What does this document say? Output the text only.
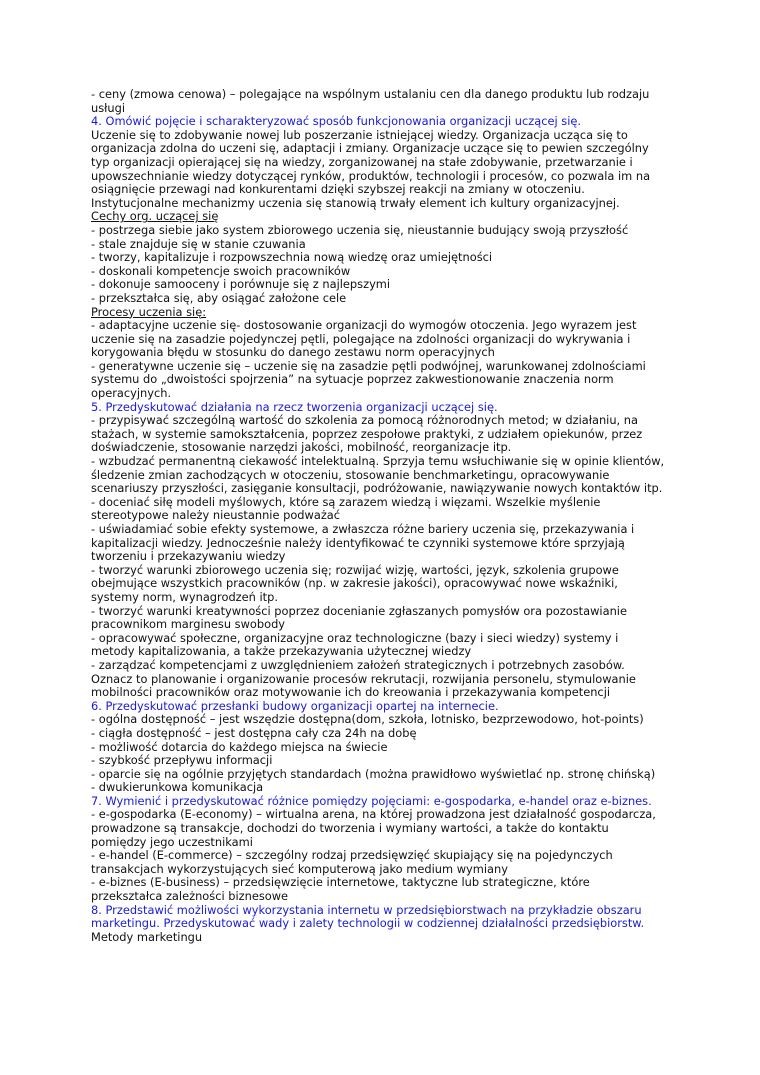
- ceny (zmowa cenowa) – polegające na wspólnym ustalaniu cen dla danego produktu lub rodzaju
usługi
4. Omówić pojęcie i scharakteryzować sposób funkcjonowania organizacji uczącej się.
Uczenie się to zdobywanie nowej lub poszerzanie istniejącej wiedzy. Organizacja ucząca się to
organizacja zdolna do uczeni się, adaptacji i zmiany. Organizacje uczące się to pewien szczególny
typ organizacji opierającej się na wiedzy, zorganizowanej na stałe zdobywanie, przetwarzanie i
upowszechnianie wiedzy dotyczącej rynków, produktów, technologii i procesów, co pozwala im na
osiągnięcie przewagi nad konkurentami dzięki szybszej reakcji na zmiany w otoczeniu.
Instytucjonalne mechanizmy uczenia się stanowią trwały element ich kultury organizacyjnej.
Cechy org. uczącej się
- postrzega siebie jako system zbiorowego uczenia się, nieustannie budujący swoją przyszłość
- stale znajduje się w stanie czuwania
- tworzy, kapitalizuje i rozpowszechnia nową wiedzę oraz umiejętności
- doskonali kompetencje swoich pracowników
- dokonuje samooceny i porównuje się z najlepszymi
- przekształca się, aby osiągać założone cele
Procesy uczenia się:
- adaptacyjne uczenie się- dostosowanie organizacji do wymogów otoczenia. Jego wyrazem jest
uczenie się na zasadzie pojedynczej pętli, polegające na zdolności organizacji do wykrywania i
korygowania błędu w stosunku do danego zestawu norm operacyjnych
- generatywne uczenie się – uczenie się na zasadzie pętli podwójnej, warunkowanej zdolnościami
systemu do „dwoistości spojrzenia” na sytuacje poprzez zakwestionowanie znaczenia norm
operacyjnych.
5. Przedyskutować działania na rzecz tworzenia organizacji uczącej się.
- przypisywać szczególną wartość do szkolenia za pomocą różnorodnych metod; w działaniu, na
stażach, w systemie samokształcenia, poprzez zespołowe praktyki, z udziałem opiekunów, przez
doświadczenie, stosowanie narzędzi jakości, mobilność, reorganizacje itp.
- wzbudzać permanentną ciekawość intelektualną. Sprzyja temu wsłuchiwanie się w opinie klientów,
śledzenie zmian zachodzących w otoczeniu, stosowanie benchmarketingu, opracowywanie
scenariuszy przyszłości, zasięganie konsultacji, podróżowanie, nawiązywanie nowych kontaktów itp.
- doceniać siłę modeli myślowych, które są zarazem wiedzą i więzami. Wszelkie myślenie
stereotypowe należy nieustannie podważać
- uświadamiać sobie efekty systemowe, a zwłaszcza różne bariery uczenia się, przekazywania i
kapitalizacji wiedzy. Jednocześnie należy identyfikować te czynniki systemowe które sprzyjają
tworzeniu i przekazywaniu wiedzy
- tworzyć warunki zbiorowego uczenia się; rozwijać wizję, wartości, język, szkolenia grupowe
obejmujące wszystkich pracowników (np. w zakresie jakości), opracowywać nowe wskaźniki,
systemy norm, wynagrodzeń itp.
- tworzyć warunki kreatywności poprzez docenianie zgłaszanych pomysłów ora pozostawianie
pracownikom marginesu swobody
- opracowywać społeczne, organizacyjne oraz technologiczne (bazy i sieci wiedzy) systemy i
metody kapitalizowania, a także przekazywania użytecznej wiedzy
- zarządzać kompetencjami z uwzględnieniem założeń strategicznych i potrzebnych zasobów.
Oznacz to planowanie i organizowanie procesów rekrutacji, rozwijania personelu, stymulowanie
mobilności pracowników oraz motywowanie ich do kreowania i przekazywania kompetencji
6. Przedyskutować przesłanki budowy organizacji opartej na internecie.
- ogólna dostępność – jest wszędzie dostępna(dom, szkoła, lotnisko, bezprzewodowo, hot-points)
- ciągła dostępność – jest dostępna cały cza 24h na dobę
- możliwość dotarcia do każdego miejsca na świecie
- szybkość przepływu informacji
- oparcie się na ogólnie przyjętych standardach (można prawidłowo wyświetlać np. stronę chińską)
- dwukierunkowa komunikacja
7. Wymienić i przedyskutować różnice pomiędzy pojęciami: e-gospodarka, e-handel oraz e-biznes.
- e-gospodarka (E-economy) – wirtualna arena, na której prowadzona jest działalność gospodarcza,
prowadzone są transakcje, dochodzi do tworzenia i wymiany wartości, a także do kontaktu
pomiędzy jego uczestnikami
- e-handel (E-commerce) – szczególny rodzaj przedsięwzięć skupiający się na pojedynczych
transakcjach wykorzystujących sieć komputerową jako medium wymiany
- e-biznes (E-business) – przedsięwzięcie internetowe, taktyczne lub strategiczne, które
przekształca zależności biznesowe
8. Przedstawić możliwości wykorzystania internetu w przedsiębiorstwach na przykładzie obszaru
marketingu. Przedyskutować wady i zalety technologii w codziennej działalności przedsiębiorstw.
Metody marketingu
